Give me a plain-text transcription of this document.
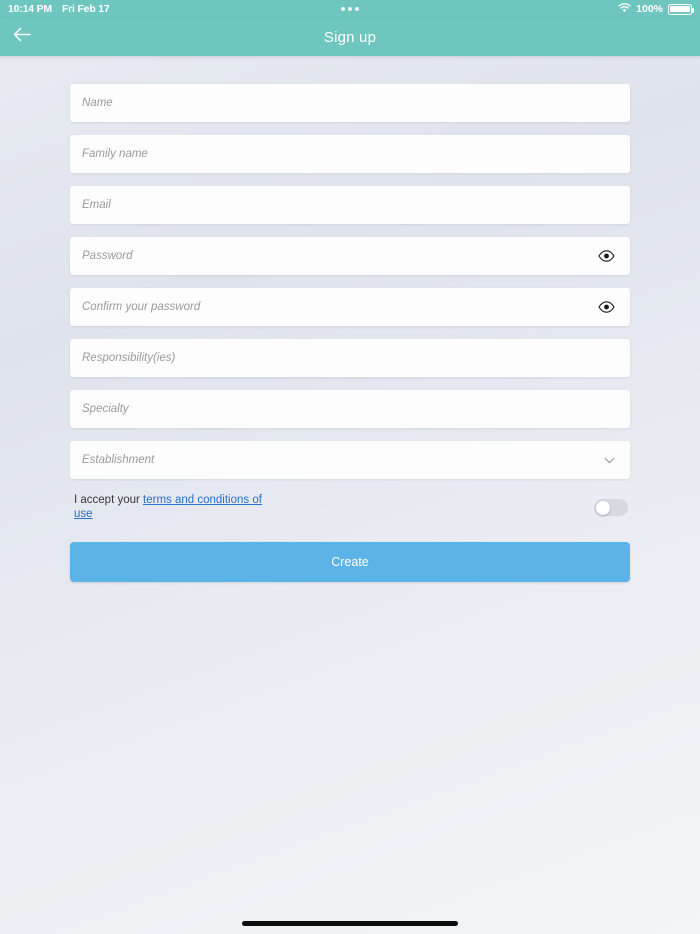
10:14 PM Fri Feb 17	100%
Sign up
Name
Family name
Email
Password
Confirm your password
Responsibility(ies)
Specialty
Establishment
I accept your terms and conditions of use
Create
